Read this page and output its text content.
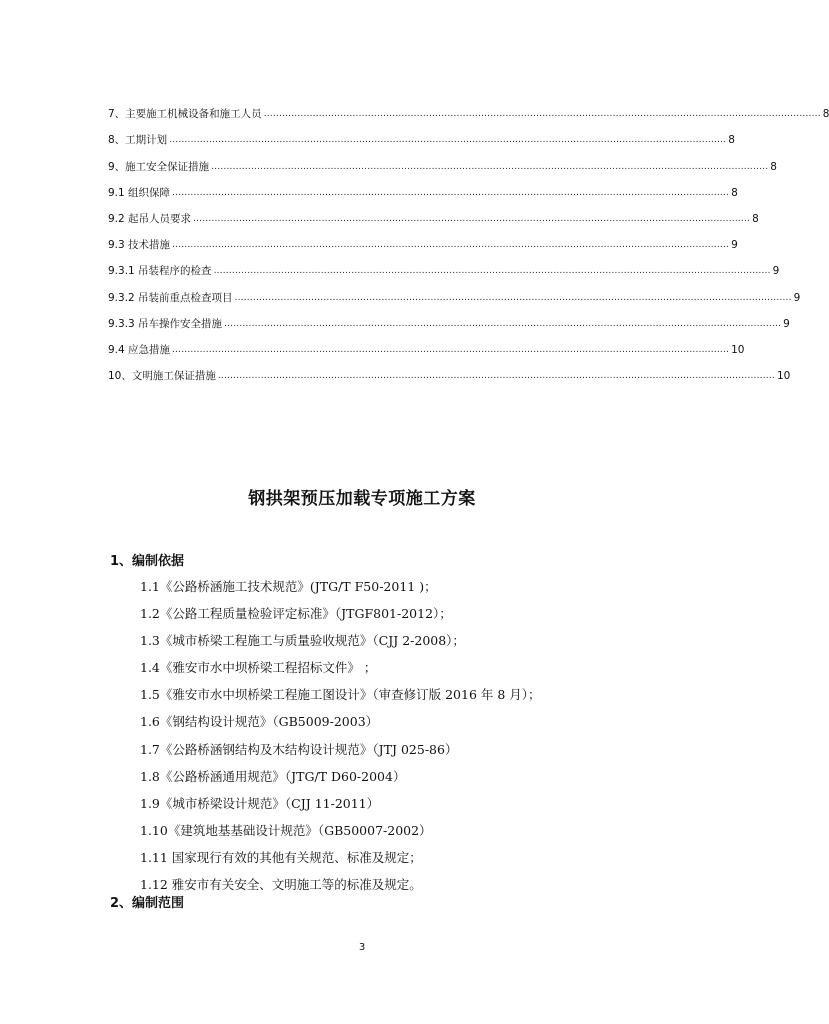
7、主要施工机械设备和施工人员 ...................................................................................................................................................................................... 8
8、工期计划 ...................................................................................................................................................................................... 8
9、施工安全保证措施 ...................................................................................................................................................................................... 8
9.1 组织保障 ...................................................................................................................................................................................... 8
9.2 起吊人员要求 ...................................................................................................................................................................................... 8
9.3 技术措施 ...................................................................................................................................................................................... 9
9.3.1 吊装程序的检查 ...................................................................................................................................................................................... 9
9.3.2 吊装前重点检查项目 ...................................................................................................................................................................................... 9
9.3.3 吊车操作安全措施 ...................................................................................................................................................................................... 9
9.4 应急措施 ...................................................................................................................................................................................... 10
10、文明施工保证措施 ...................................................................................................................................................................................... 10
钢拱架预压加载专项施工方案
1、编制依据
1.1《公路桥涵施工技术规范》(JTG/T F50-2011 )；
1.2《公路工程质量检验评定标准》（JTGF801-2012）；
1.3《城市桥梁工程施工与质量验收规范》（CJJ 2-2008）；
1.4《雅安市水中坝桥梁工程招标文件》 ；
1.5《雅安市水中坝桥梁工程施工图设计》（审查修订版 2016 年 8 月）；
1.6《钢结构设计规范》（GB5009-2003）
1.7《公路桥涵钢结构及木结构设计规范》（JTJ 025-86）
1.8《公路桥涵通用规范》（JTG/T D60-2004）
1.9《城市桥梁设计规范》（CJJ 11-2011）
1.10《建筑地基基础设计规范》（GB50007-2002）
1.11 国家现行有效的其他有关规范、标准及规定；
1.12 雅安市有关安全、文明施工等的标准及规定。
2、编制范围
3
